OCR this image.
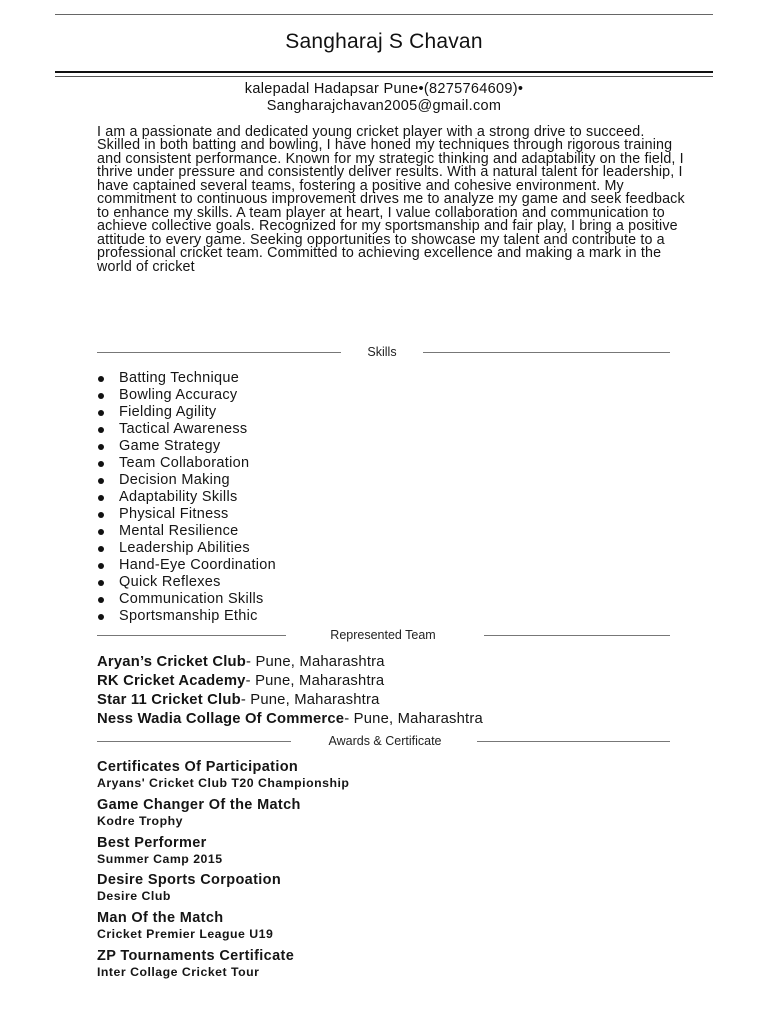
Sangharaj S Chavan
kalepadal Hadapsar Pune•(8275764609)•
Sangharajchavan2005@gmail.com
I am a passionate and dedicated young cricket player with a strong drive to succeed. Skilled in both batting and bowling, I have honed my techniques through rigorous training and consistent performance. Known for my strategic thinking and adaptability on the field, I thrive under pressure and consistently deliver results. With a natural talent for leadership, I have captained several teams, fostering a positive and cohesive environment. My commitment to continuous improvement drives me to analyze my game and seek feedback to enhance my skills. A team player at heart, I value collaboration and communication to achieve collective goals. Recognized for my sportsmanship and fair play, I bring a positive attitude to every game. Seeking opportunities to showcase my talent and contribute to a professional cricket team. Committed to achieving excellence and making a mark in the world of cricket
Skills
Batting Technique
Bowling Accuracy
Fielding Agility
Tactical Awareness
Game Strategy
Team Collaboration
Decision Making
Adaptability Skills
Physical Fitness
Mental Resilience
Leadership Abilities
Hand-Eye Coordination
Quick Reflexes
Communication Skills
Sportsmanship Ethic
Represented Team
Aryan’s Cricket Club- Pune, Maharashtra
RK Cricket Academy- Pune, Maharashtra
Star 11 Cricket Club- Pune, Maharashtra
Ness Wadia Collage Of Commerce- Pune, Maharashtra
Awards & Certificate
Certificates Of Participation
Aryans' Cricket Club T20 Championship
Game Changer Of the Match
Kodre Trophy
Best Performer
Summer Camp 2015
Desire Sports Corpoation
Desire Club
Man Of the Match
Cricket Premier League U19
ZP Tournaments Certificate
Inter Collage Cricket Tour
